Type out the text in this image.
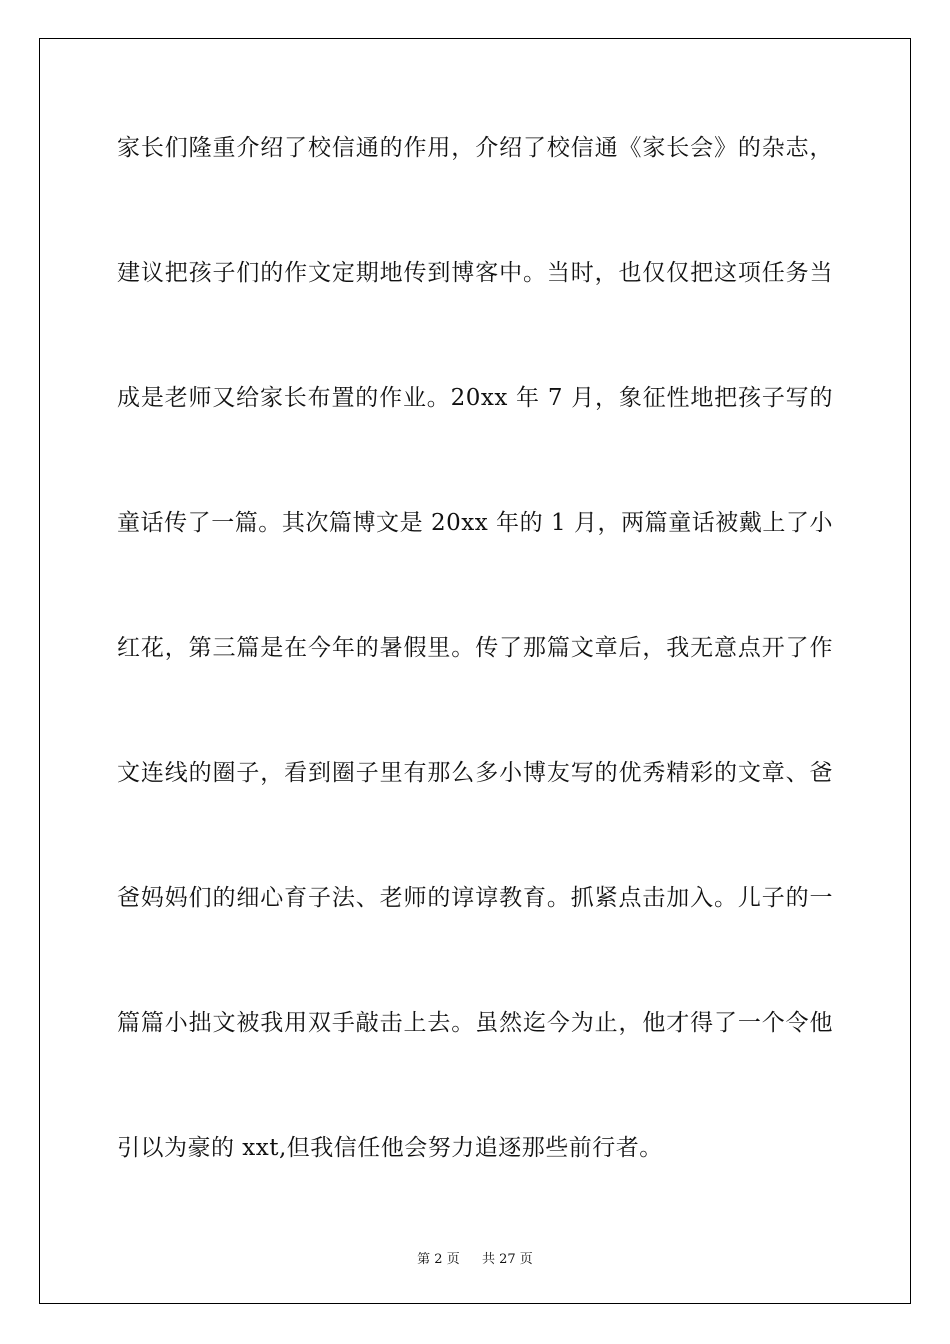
家长们隆重介绍了校信通的作用，介绍了校信通《家长会》的杂志，
建议把孩子们的作文定期地传到博客中。当时，也仅仅把这项任务当
成是老师又给家长布置的作业。20xx 年 7 月，象征性地把孩子写的
童话传了一篇。其次篇博文是 20xx 年的 1 月，两篇童话被戴上了小
红花，第三篇是在今年的暑假里。传了那篇文章后，我无意点开了作
文连线的圈子，看到圈子里有那么多小博友写的优秀精彩的文章、爸
爸妈妈们的细心育子法、老师的谆谆教育。抓紧点击加入。儿子的一
篇篇小拙文被我用双手敲击上去。虽然迄今为止，他才得了一个令他
引以为豪的 xxt,但我信任他会努力追逐那些前行者。
第 2 页 共 27 页
